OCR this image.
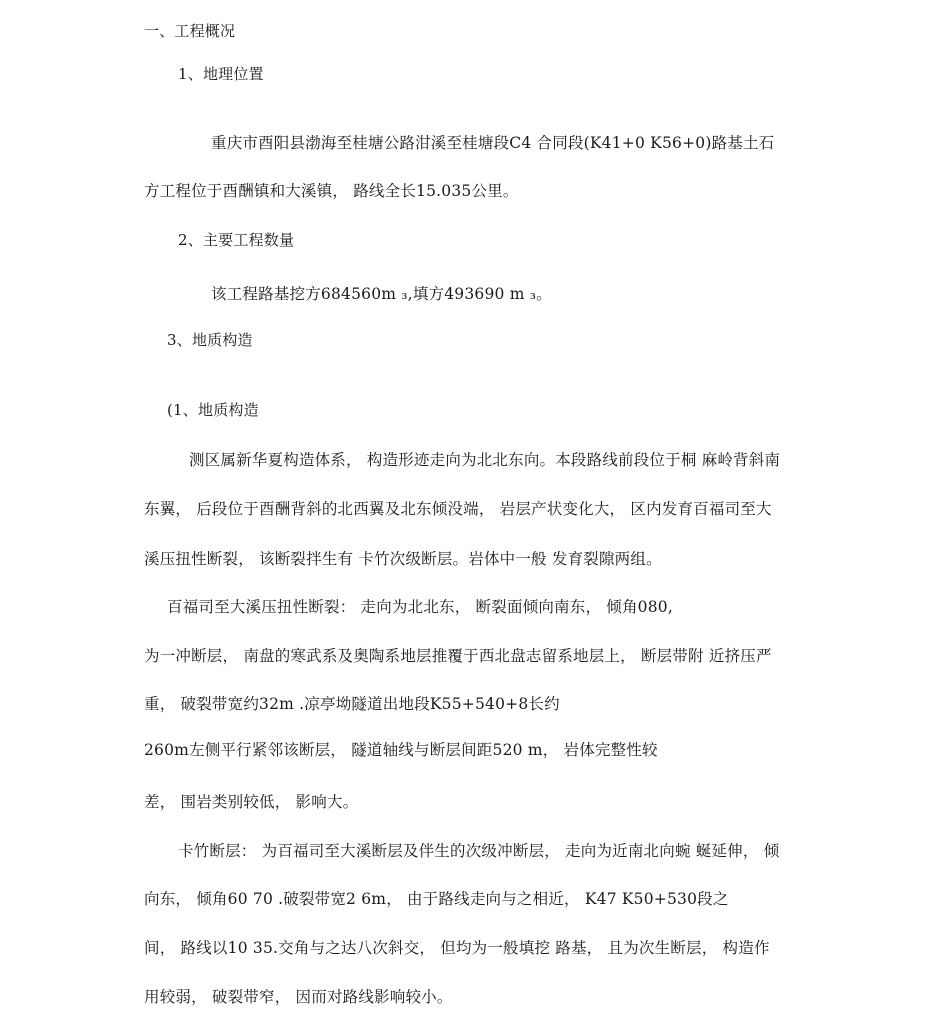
一、工程概况
1、地理位置
重庆市酉阳县渤海至桂塘公路泔溪至桂塘段C4 合同段(K41+0 K56+0)路基土石
方工程位于酉酬镇和大溪镇， 路线全长15.035公里。
2、主要工程数量
该工程路基挖方684560m ₃,填方493690 m ₃。
3、地质构造
(1、地质构造
测区属新华夏构造体系， 构造形迹走向为北北东向。本段路线前段位于桐 麻岭背斜南
东翼， 后段位于酉酬背斜的北西翼及北东倾没端， 岩层产状变化大， 区内发育百福司至大
溪压扭性断裂， 该断裂拌生有 卡竹次级断层。岩体中一般 发育裂隙两组。
百福司至大溪压扭性断裂： 走向为北北东， 断裂面倾向南东， 倾角080,
为一冲断层， 南盘的寒武系及奥陶系地层推覆于西北盘志留系地层上， 断层带附 近挤压严
重， 破裂带宽约32m .凉亭坳隧道出地段K55+540+8长约
260m左侧平行紧邻该断层， 隧道轴线与断层间距520 m， 岩体完整性较
差， 围岩类别较低， 影响大。
卡竹断层： 为百福司至大溪断层及伴生的次级冲断层， 走向为近南北向蜿 蜒延伸， 倾
向东， 倾角60 70 .破裂带宽2 6m， 由于路线走向与之相近， K47 K50+530段之
间， 路线以10 35.交角与之达八次斜交， 但均为一般填挖 路基， 且为次生断层， 构造作
用较弱， 破裂带窄， 因而对路线影响较小。
